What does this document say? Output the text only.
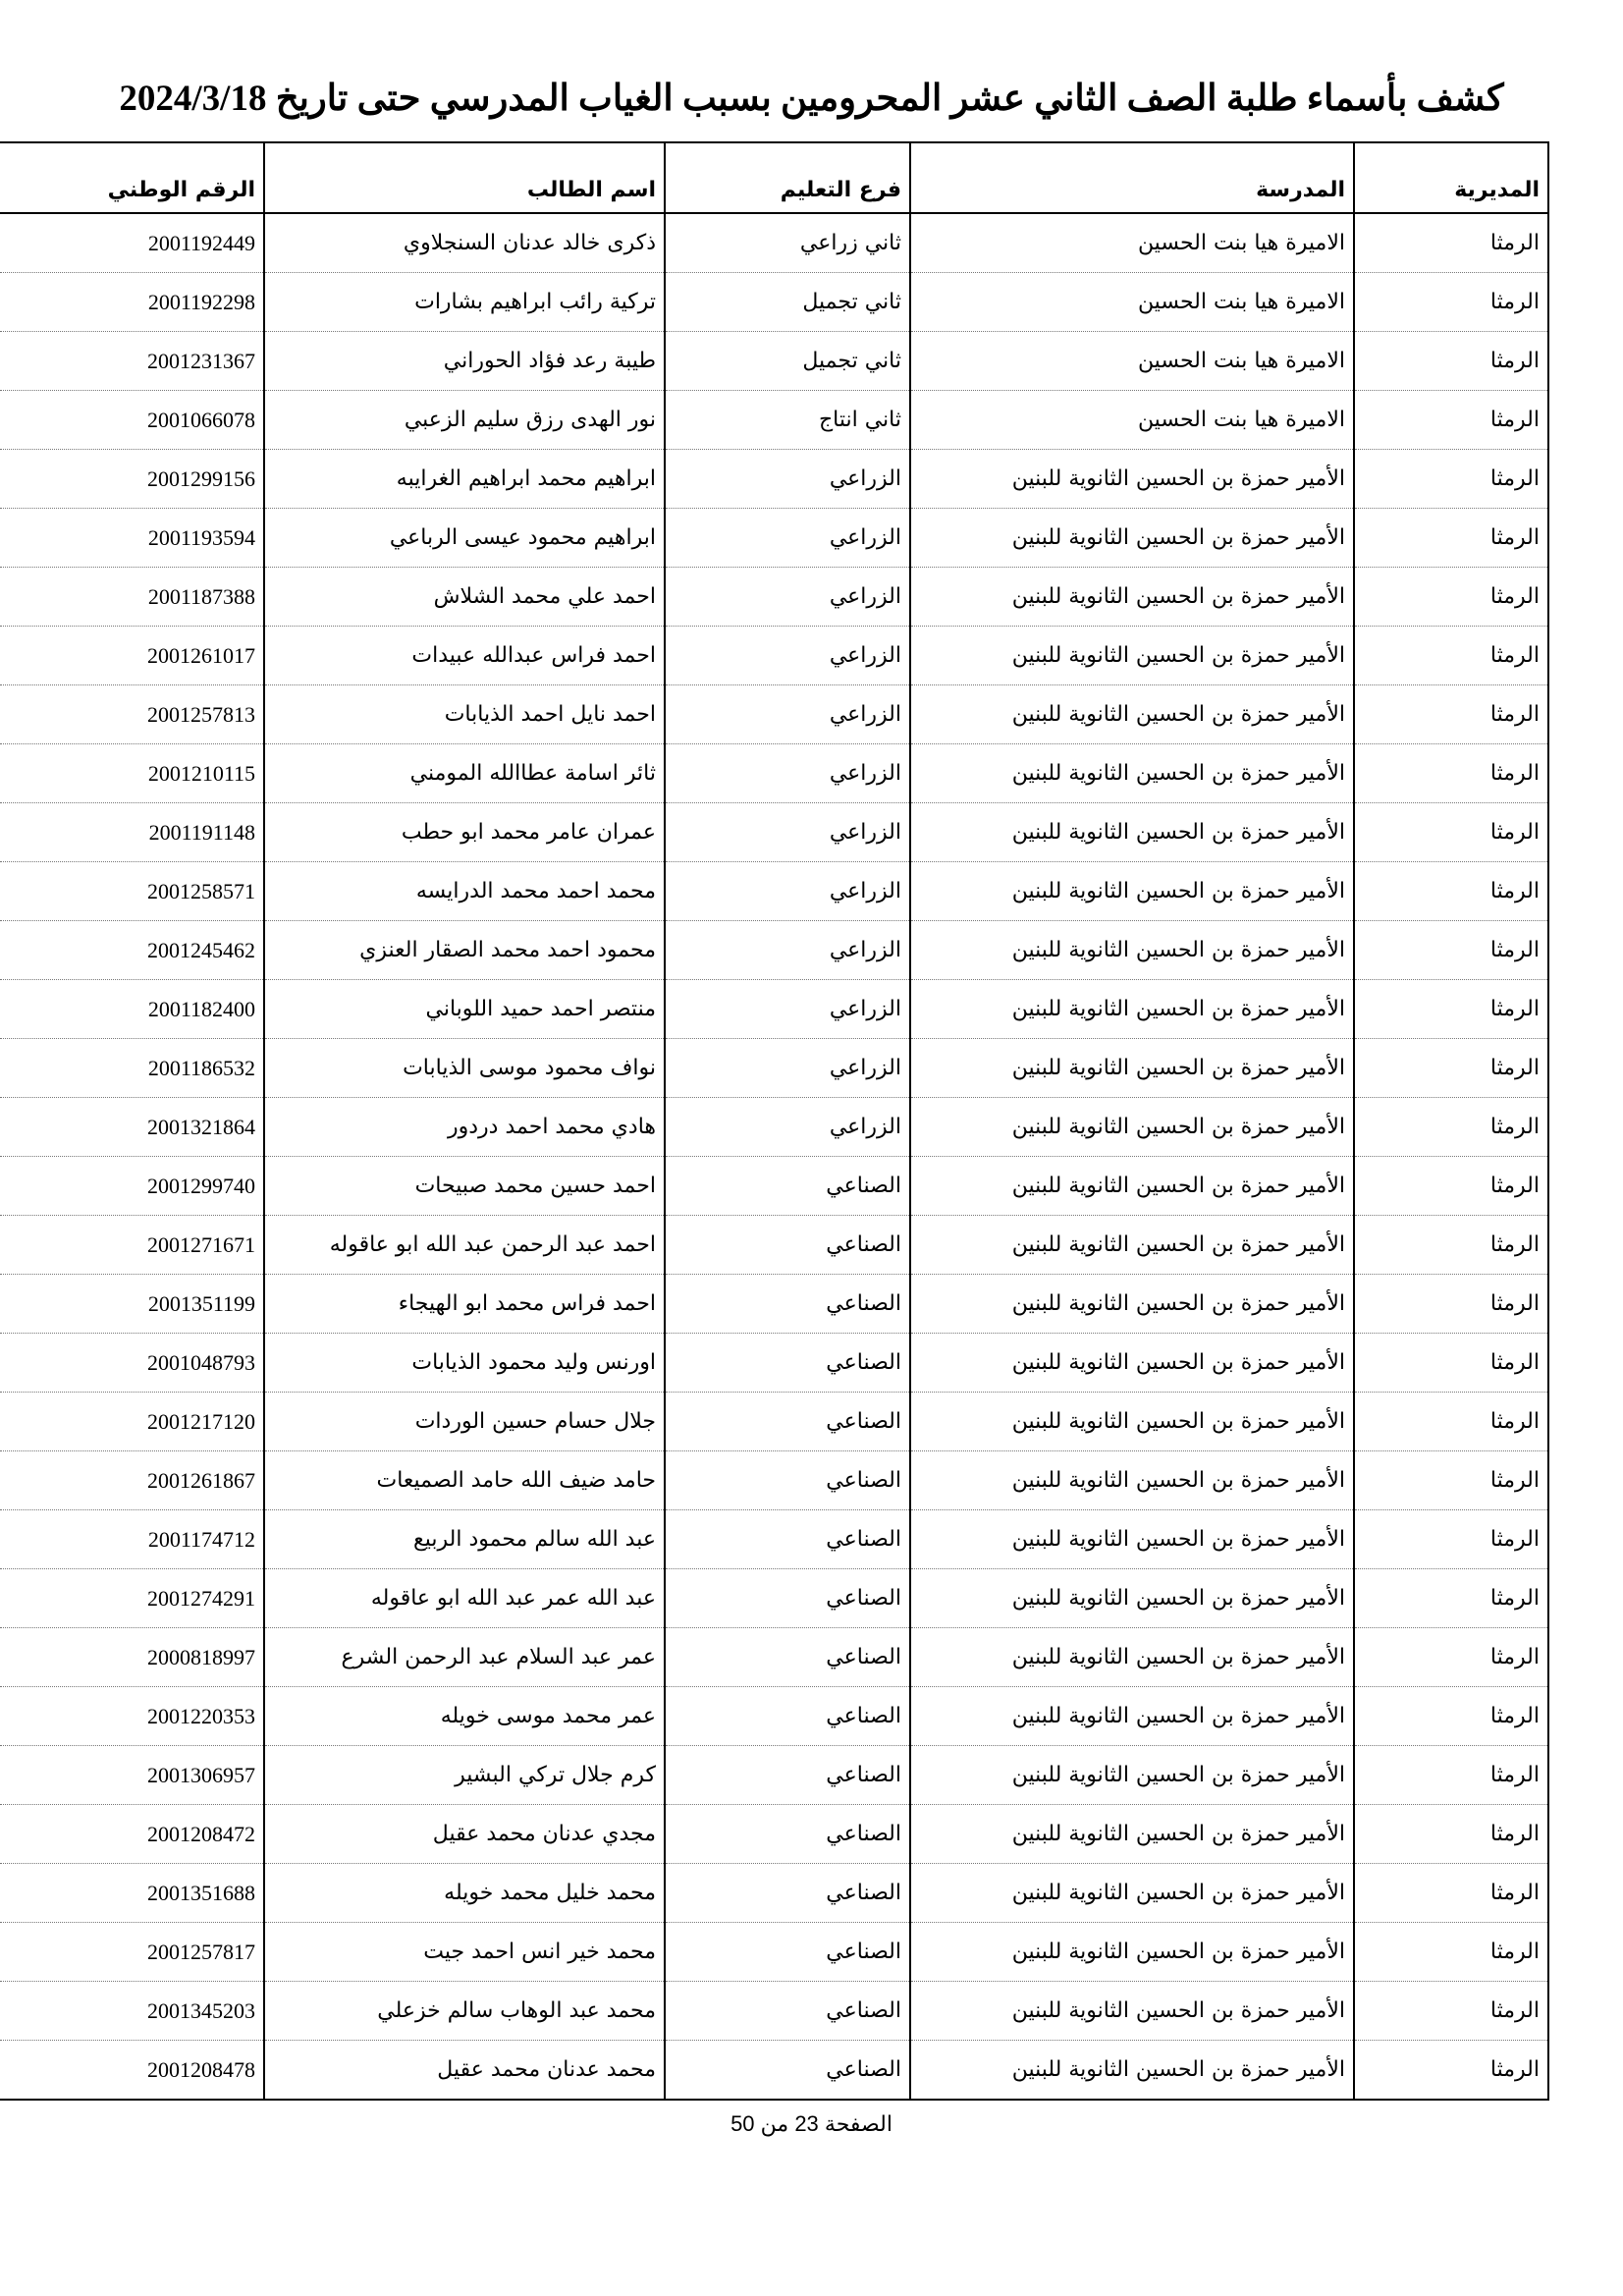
كشف بأسماء طلبة الصف الثاني عشر المحرومين بسبب الغياب المدرسي حتى تاريخ 2024/3/18
المديرية	المدرسة	فرع التعليم	اسم الطالب	الرقم الوطني
الرمثا	الاميرة هيا بنت الحسين	ثاني زراعي	ذكرى خالد عدنان السنجلاوي	2001192449
الرمثا	الاميرة هيا بنت الحسين	ثاني تجميل	تركية رائب ابراهيم بشارات	2001192298
الرمثا	الاميرة هيا بنت الحسين	ثاني تجميل	طيبة رعد فؤاد الحوراني	2001231367
الرمثا	الاميرة هيا بنت الحسين	ثاني انتاج	نور الهدى رزق سليم الزعبي	2001066078
الرمثا	الأمير حمزة بن الحسين الثانوية للبنين	الزراعي	ابراهيم محمد ابراهيم الغرايبه	2001299156
الرمثا	الأمير حمزة بن الحسين الثانوية للبنين	الزراعي	ابراهيم محمود عيسى الرباعي	2001193594
الرمثا	الأمير حمزة بن الحسين الثانوية للبنين	الزراعي	احمد علي محمد الشلاش	2001187388
الرمثا	الأمير حمزة بن الحسين الثانوية للبنين	الزراعي	احمد فراس عبدالله عبيدات	2001261017
الرمثا	الأمير حمزة بن الحسين الثانوية للبنين	الزراعي	احمد نايل احمد الذيابات	2001257813
الرمثا	الأمير حمزة بن الحسين الثانوية للبنين	الزراعي	ثائر اسامة عطاالله المومني	2001210115
الرمثا	الأمير حمزة بن الحسين الثانوية للبنين	الزراعي	عمران عامر محمد ابو حطب	2001191148
الرمثا	الأمير حمزة بن الحسين الثانوية للبنين	الزراعي	محمد احمد محمد الدرايسه	2001258571
الرمثا	الأمير حمزة بن الحسين الثانوية للبنين	الزراعي	محمود احمد محمد الصقار العنزي	2001245462
الرمثا	الأمير حمزة بن الحسين الثانوية للبنين	الزراعي	منتصر احمد حميد اللوباني	2001182400
الرمثا	الأمير حمزة بن الحسين الثانوية للبنين	الزراعي	نواف محمود موسى الذيابات	2001186532
الرمثا	الأمير حمزة بن الحسين الثانوية للبنين	الزراعي	هادي محمد احمد دردور	2001321864
الرمثا	الأمير حمزة بن الحسين الثانوية للبنين	الصناعي	احمد حسين محمد صبيحات	2001299740
الرمثا	الأمير حمزة بن الحسين الثانوية للبنين	الصناعي	احمد عبد الرحمن عبد الله ابو عاقوله	2001271671
الرمثا	الأمير حمزة بن الحسين الثانوية للبنين	الصناعي	احمد فراس محمد ابو الهيجاء	2001351199
الرمثا	الأمير حمزة بن الحسين الثانوية للبنين	الصناعي	اورنس وليد محمود الذيابات	2001048793
الرمثا	الأمير حمزة بن الحسين الثانوية للبنين	الصناعي	جلال حسام حسين الوردات	2001217120
الرمثا	الأمير حمزة بن الحسين الثانوية للبنين	الصناعي	حامد ضيف الله حامد الصميعات	2001261867
الرمثا	الأمير حمزة بن الحسين الثانوية للبنين	الصناعي	عبد الله سالم محمود الربيع	2001174712
الرمثا	الأمير حمزة بن الحسين الثانوية للبنين	الصناعي	عبد الله عمر عبد الله ابو عاقوله	2001274291
الرمثا	الأمير حمزة بن الحسين الثانوية للبنين	الصناعي	عمر عبد السلام عبد الرحمن الشرع	2000818997
الرمثا	الأمير حمزة بن الحسين الثانوية للبنين	الصناعي	عمر محمد موسى خويله	2001220353
الرمثا	الأمير حمزة بن الحسين الثانوية للبنين	الصناعي	كرم جلال تركي البشير	2001306957
الرمثا	الأمير حمزة بن الحسين الثانوية للبنين	الصناعي	مجدي عدنان محمد عقيل	2001208472
الرمثا	الأمير حمزة بن الحسين الثانوية للبنين	الصناعي	محمد خليل محمد خويله	2001351688
الرمثا	الأمير حمزة بن الحسين الثانوية للبنين	الصناعي	محمد خير انس احمد جيت	2001257817
الرمثا	الأمير حمزة بن الحسين الثانوية للبنين	الصناعي	محمد عبد الوهاب سالم خزعلي	2001345203
الرمثا	الأمير حمزة بن الحسين الثانوية للبنين	الصناعي	محمد عدنان محمد عقيل	2001208478
الصفحة 23 من 50
